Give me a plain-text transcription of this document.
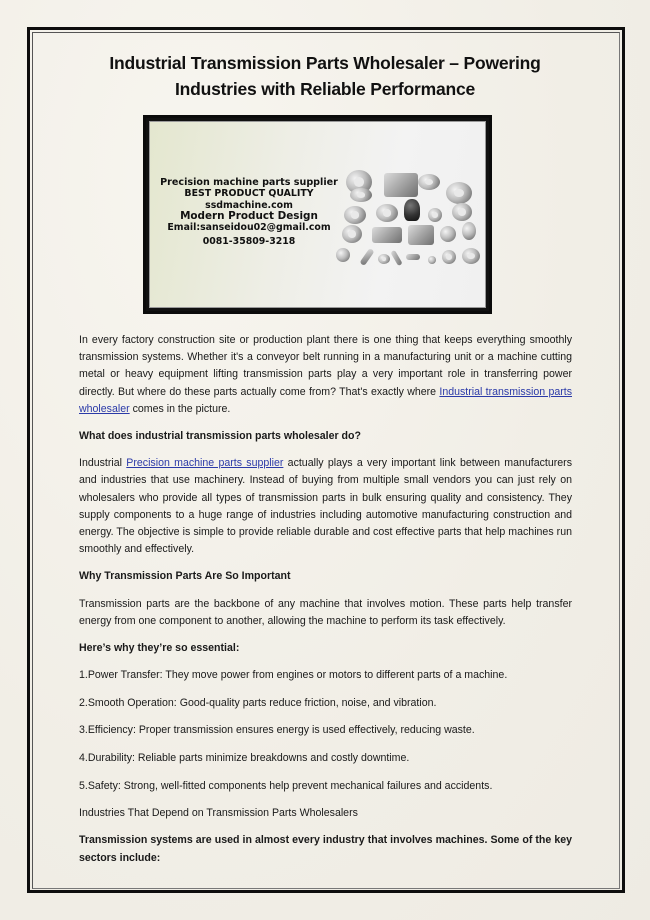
Industrial Transmission Parts Wholesaler – Powering
Industries with Reliable Performance
Precision machine parts supplier
BEST PRODUCT QUALITY
ssdmachine.com
Modern Product Design
Email:sanseidou02@gmail.com
0081-35809-3218

In every factory construction site or production plant there is one thing that keeps everything smoothly transmission systems. Whether it's a conveyor belt running in a manufacturing unit or a machine cutting metal or heavy equipment lifting transmission parts play a very important role in transferring power directly. But where do these parts actually come from? That's exactly where Industrial transmission parts wholesaler comes in the picture.

What does industrial transmission parts wholesaler do?

Industrial Precision machine parts supplier actually plays a very important link between manufacturers and industries that use machinery. Instead of buying from multiple small vendors you can just rely on wholesalers who provide all types of transmission parts in bulk ensuring quality and consistency. They supply components to a huge range of industries including automotive manufacturing construction and energy. The objective is simple to provide reliable durable and cost effective parts that help machines run smoothly and effectively.

Why Transmission Parts Are So Important

Transmission parts are the backbone of any machine that involves motion. These parts help transfer energy from one component to another, allowing the machine to perform its task effectively.

Here’s why they’re so essential:

1.Power Transfer: They move power from engines or motors to different parts of a machine.

2.Smooth Operation: Good-quality parts reduce friction, noise, and vibration.

3.Efficiency: Proper transmission ensures energy is used effectively, reducing waste.

4.Durability: Reliable parts minimize breakdowns and costly downtime.

5.Safety: Strong, well-fitted components help prevent mechanical failures and accidents.

Industries That Depend on Transmission Parts Wholesalers

Transmission systems are used in almost every industry that involves machines. Some of the key sectors include:
